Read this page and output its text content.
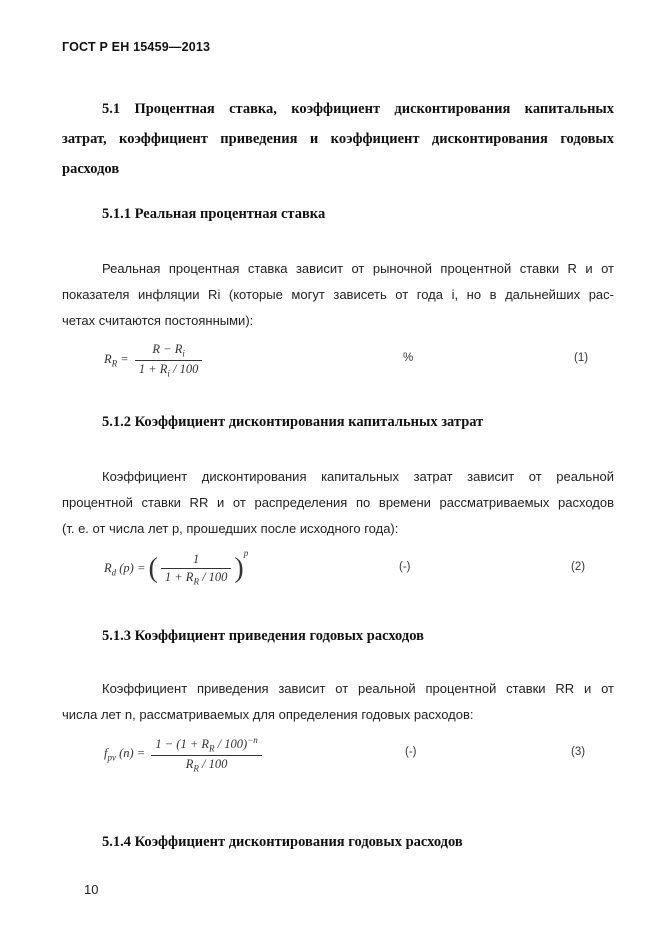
ГОСТ Р ЕН 15459—2013
5.1 Процентная ставка, коэффициент дисконтирования капитальных
затрат, коэффициент приведения и коэффициент дисконтирования годовых
расходов
5.1.1 Реальная процентная ставка
Реальная процентная ставка зависит от рыночной процентной ставки R и от
показателя инфляции Ri (которые могут зависеть от года i, но в дальнейших рас-
четах считаются постоянными):
$R_R = \frac{R - R_i}{1 + R_i / 100}$	%	(1)
5.1.2 Коэффициент дисконтирования капитальных затрат
Коэффициент дисконтирования капитальных затрат зависит от реальной
процентной ставки RR и от распределения по времени рассматриваемых расходов
(т. е. от числа лет p, прошедших после исходного года):
$R_d$ (p) = ( $\frac{1}{1 + R_R / 100} )^p$
(-)	(2)
5.1.3 Коэффициент приведения годовых расходов
Коэффициент приведения зависит от реальной процентной ставки RR и от
числа лет n, рассматриваемых для определения годовых расходов:
$f_{pv}$ $(n) = \frac{1 - (1 + R_R / 100)^{-n}}{R_R / 100}$	(-)	(3)
5.1.4 Коэффициент дисконтирования годовых расходов
10
